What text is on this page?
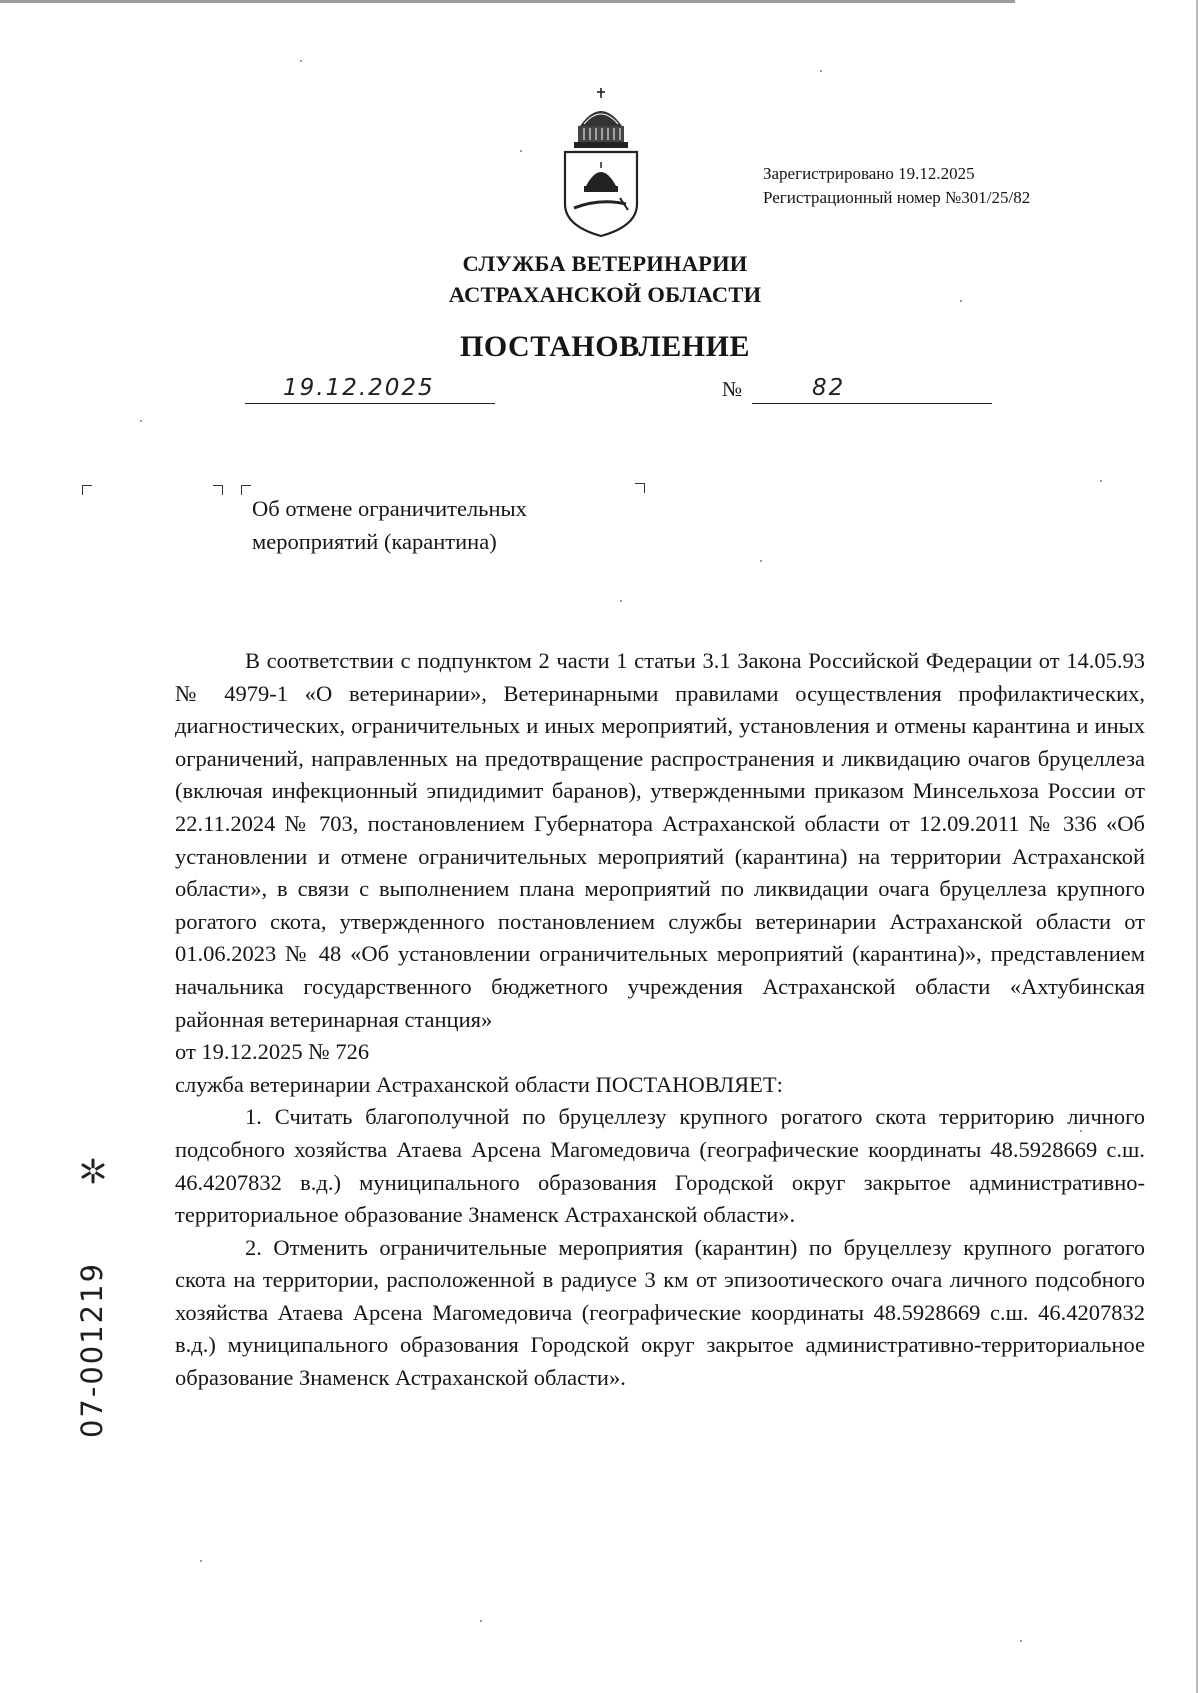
Зарегистрировано 19.12.2025
Регистрационный номер №301/25/82
СЛУЖБА ВЕТЕРИНАРИИ
АСТРАХАНСКОЙ ОБЛАСТИ
ПОСТАНОВЛЕНИЕ
19.12.2025	№	82
Об отмене ограничительных
мероприятий (карантина)

В соответствии с подпунктом 2 части 1 статьи 3.1 Закона Российской Федерации от 14.05.93 № 4979-1 «О ветеринарии», Ветеринарными правилами осуществления профилактических, диагностических, ограничительных и иных мероприятий, установления и отмены карантина и иных ограничений, направленных на предотвращение распространения и ликвидацию очагов бруцеллеза (включая инфекционный эпидидимит баранов), утвержденными приказом Минсельхоза России от 22.11.2024 № 703, постановлением Губернатора Астраханской области от 12.09.2011 № 336 «Об установлении и отмене ограничительных мероприятий (карантина) на территории Астраханской области», в связи с выполнением плана мероприятий по ликвидации очага бруцеллеза крупного рогатого скота, утвержденного постановлением службы ветеринарии Астраханской области от 01.06.2023 № 48 «Об установлении ограничительных мероприятий (карантина)», представлением начальника государственного бюджетного учреждения Астраханской области «Ахтубинская районная ветеринарная станция»

от 19.12.2025 № 726

служба ветеринарии Астраханской области ПОСТАНОВЛЯЕТ:

1. Считать благополучной по бруцеллезу крупного рогатого скота территорию личного подсобного хозяйства Атаева Арсена Магомедовича (географические координаты 48.5928669 с.ш. 46.4207832 в.д.) муниципального образования Городской округ закрытое административно-территориальное образование Знаменск Астраханской области».

2. Отменить ограничительные мероприятия (карантин) по бруцеллезу крупного рогатого скота на территории, расположенной в радиусе 3 км от эпизоотического очага личного подсобного хозяйства Атаева Арсена Магомедовича (географические координаты 48.5928669 с.ш. 46.4207832 в.д.) муниципального образования Городской округ закрытое административно-территориальное образование Знаменск Астраханской области».

07-001219
